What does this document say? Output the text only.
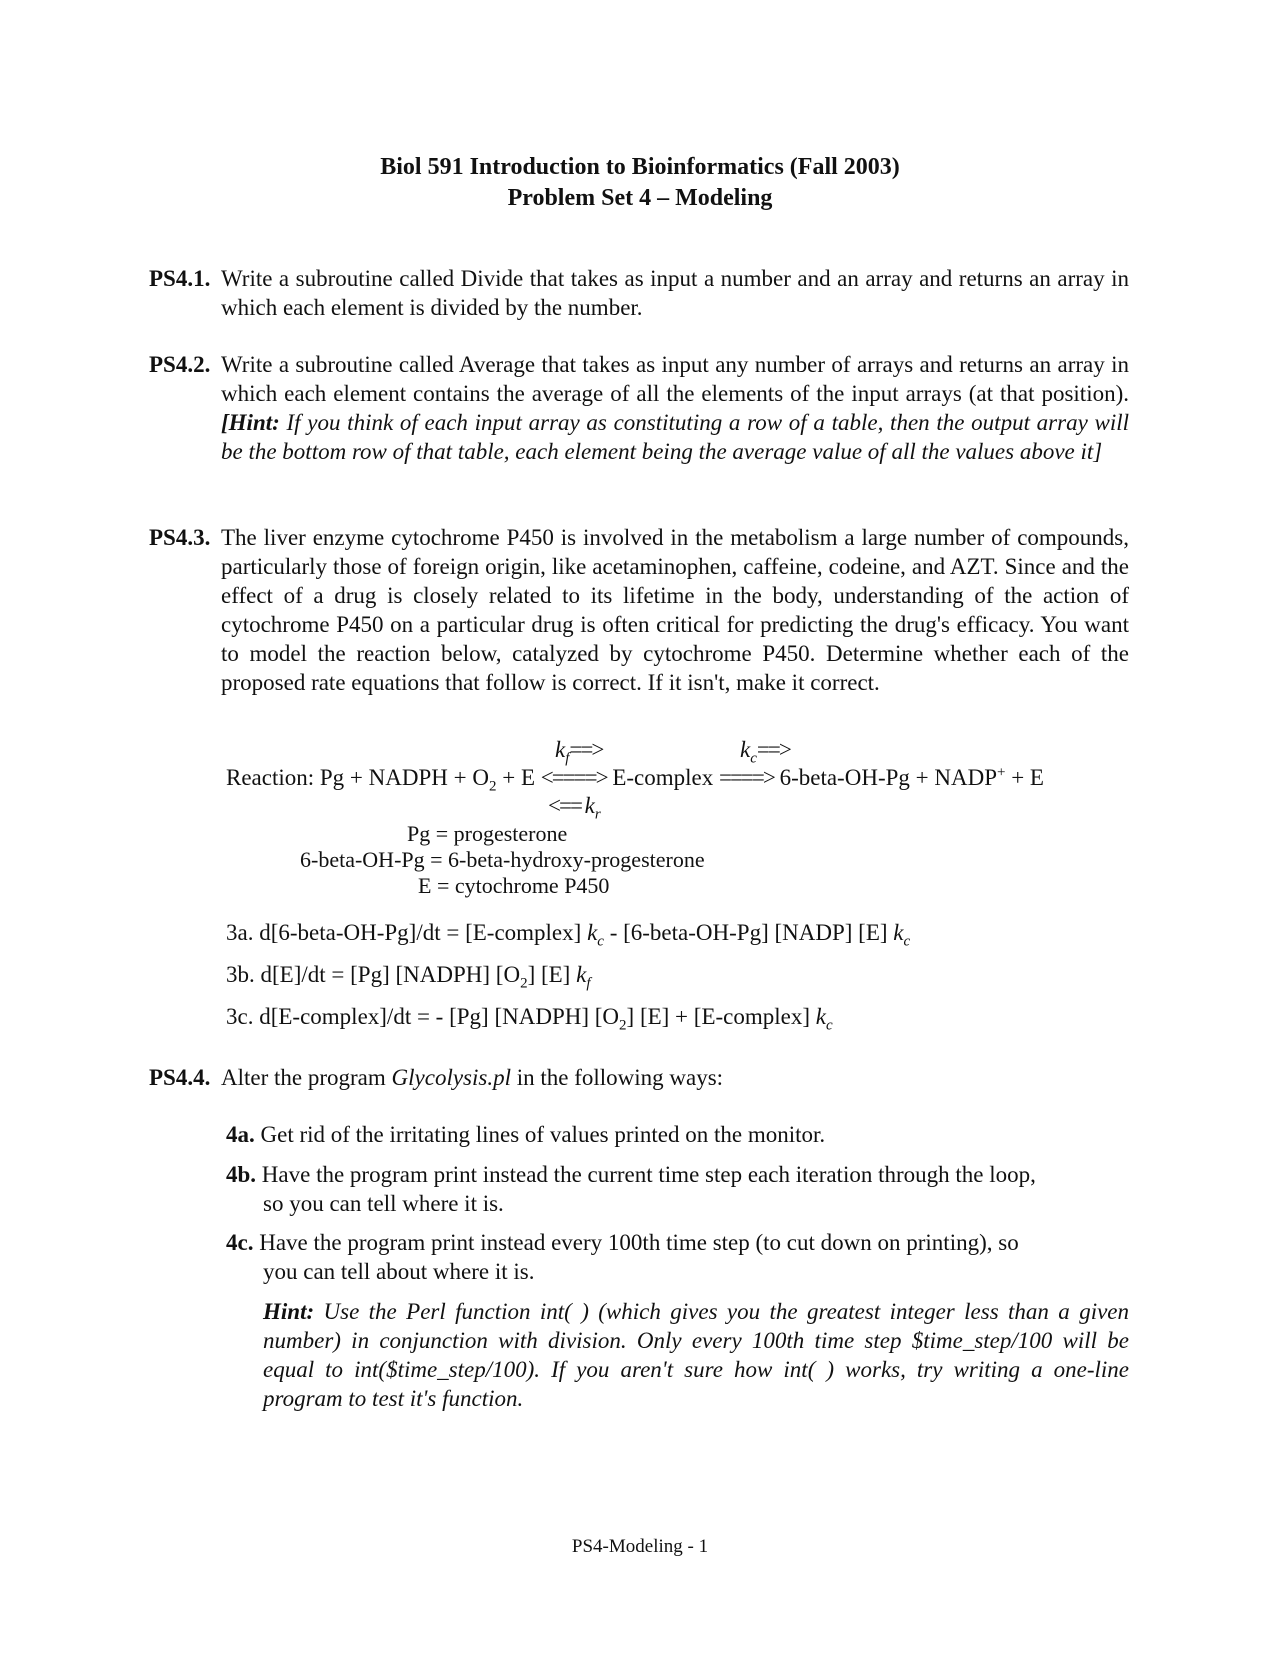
Biol 591 Introduction to Bioinformatics (Fall 2003)
Problem Set 4 – Modeling
PS4.1. Write a subroutine called Divide that takes as input a number and an array and returns an array in which each element is divided by the number.
PS4.2. Write a subroutine called Average that takes as input any number of arrays and returns an array in which each element contains the average of all the elements of the input arrays (at that position). [Hint: If you think of each input array as constituting a row of a table, then the output array will be the bottom row of that table, each element being the average value of all the values above it]
PS4.3. The liver enzyme cytochrome P450 is involved in the metabolism a large number of compounds, particularly those of foreign origin, like acetaminophen, caffeine, codeine, and AZT. Since and the effect of a drug is closely related to its lifetime in the body, understanding of the action of cytochrome P450 on a particular drug is often critical for predicting the drug's efficacy. You want to model the reaction below, catalyzed by cytochrome P450. Determine whether each of the proposed rate equations that follow is correct. If it isn't, make it correct.
$k_f==>$	$k_c==>$
Reaction: Pg + NADPH + $O_2 + E$ <====> E-complex ====> 6-beta-OH-Pg + NADP+ + E
<== $k_r$
Pg = progesterone
6-beta-OH-Pg = 6-beta-hydroxy-progesterone
E = cytochrome P450
3a. d[6-beta-OH-Pg]/dt = [E-complex] $k_c$ - [6-beta-OH-Pg] [NADP] [E] $k_c$
3b. d[E]/dt = [Pg] [NADPH] $[O_2]$ [E] $k_f$
3c. d[E-complex]/dt = - [Pg] [NADPH] $[O_2] [E]$ + [E-complex] $k_c$
PS4.4. Alter the program Glycolysis.pl in the following ways:
4a. Get rid of the irritating lines of values printed on the monitor.
4b. Have the program print instead the current time step each iteration through the loop,
so you can tell where it is.
4c. Have the program print instead every 100th time step (to cut down on printing), so
you can tell about where it is.
Hint: Use the Perl function int( ) (which gives you the greatest integer less than a given number) in conjunction with division. Only every 100th time step $time_step/100 will be equal to int($time_step/100). If you aren't sure how int( ) works, try writing a one-line program to test it's function.
PS4-Modeling - 1
